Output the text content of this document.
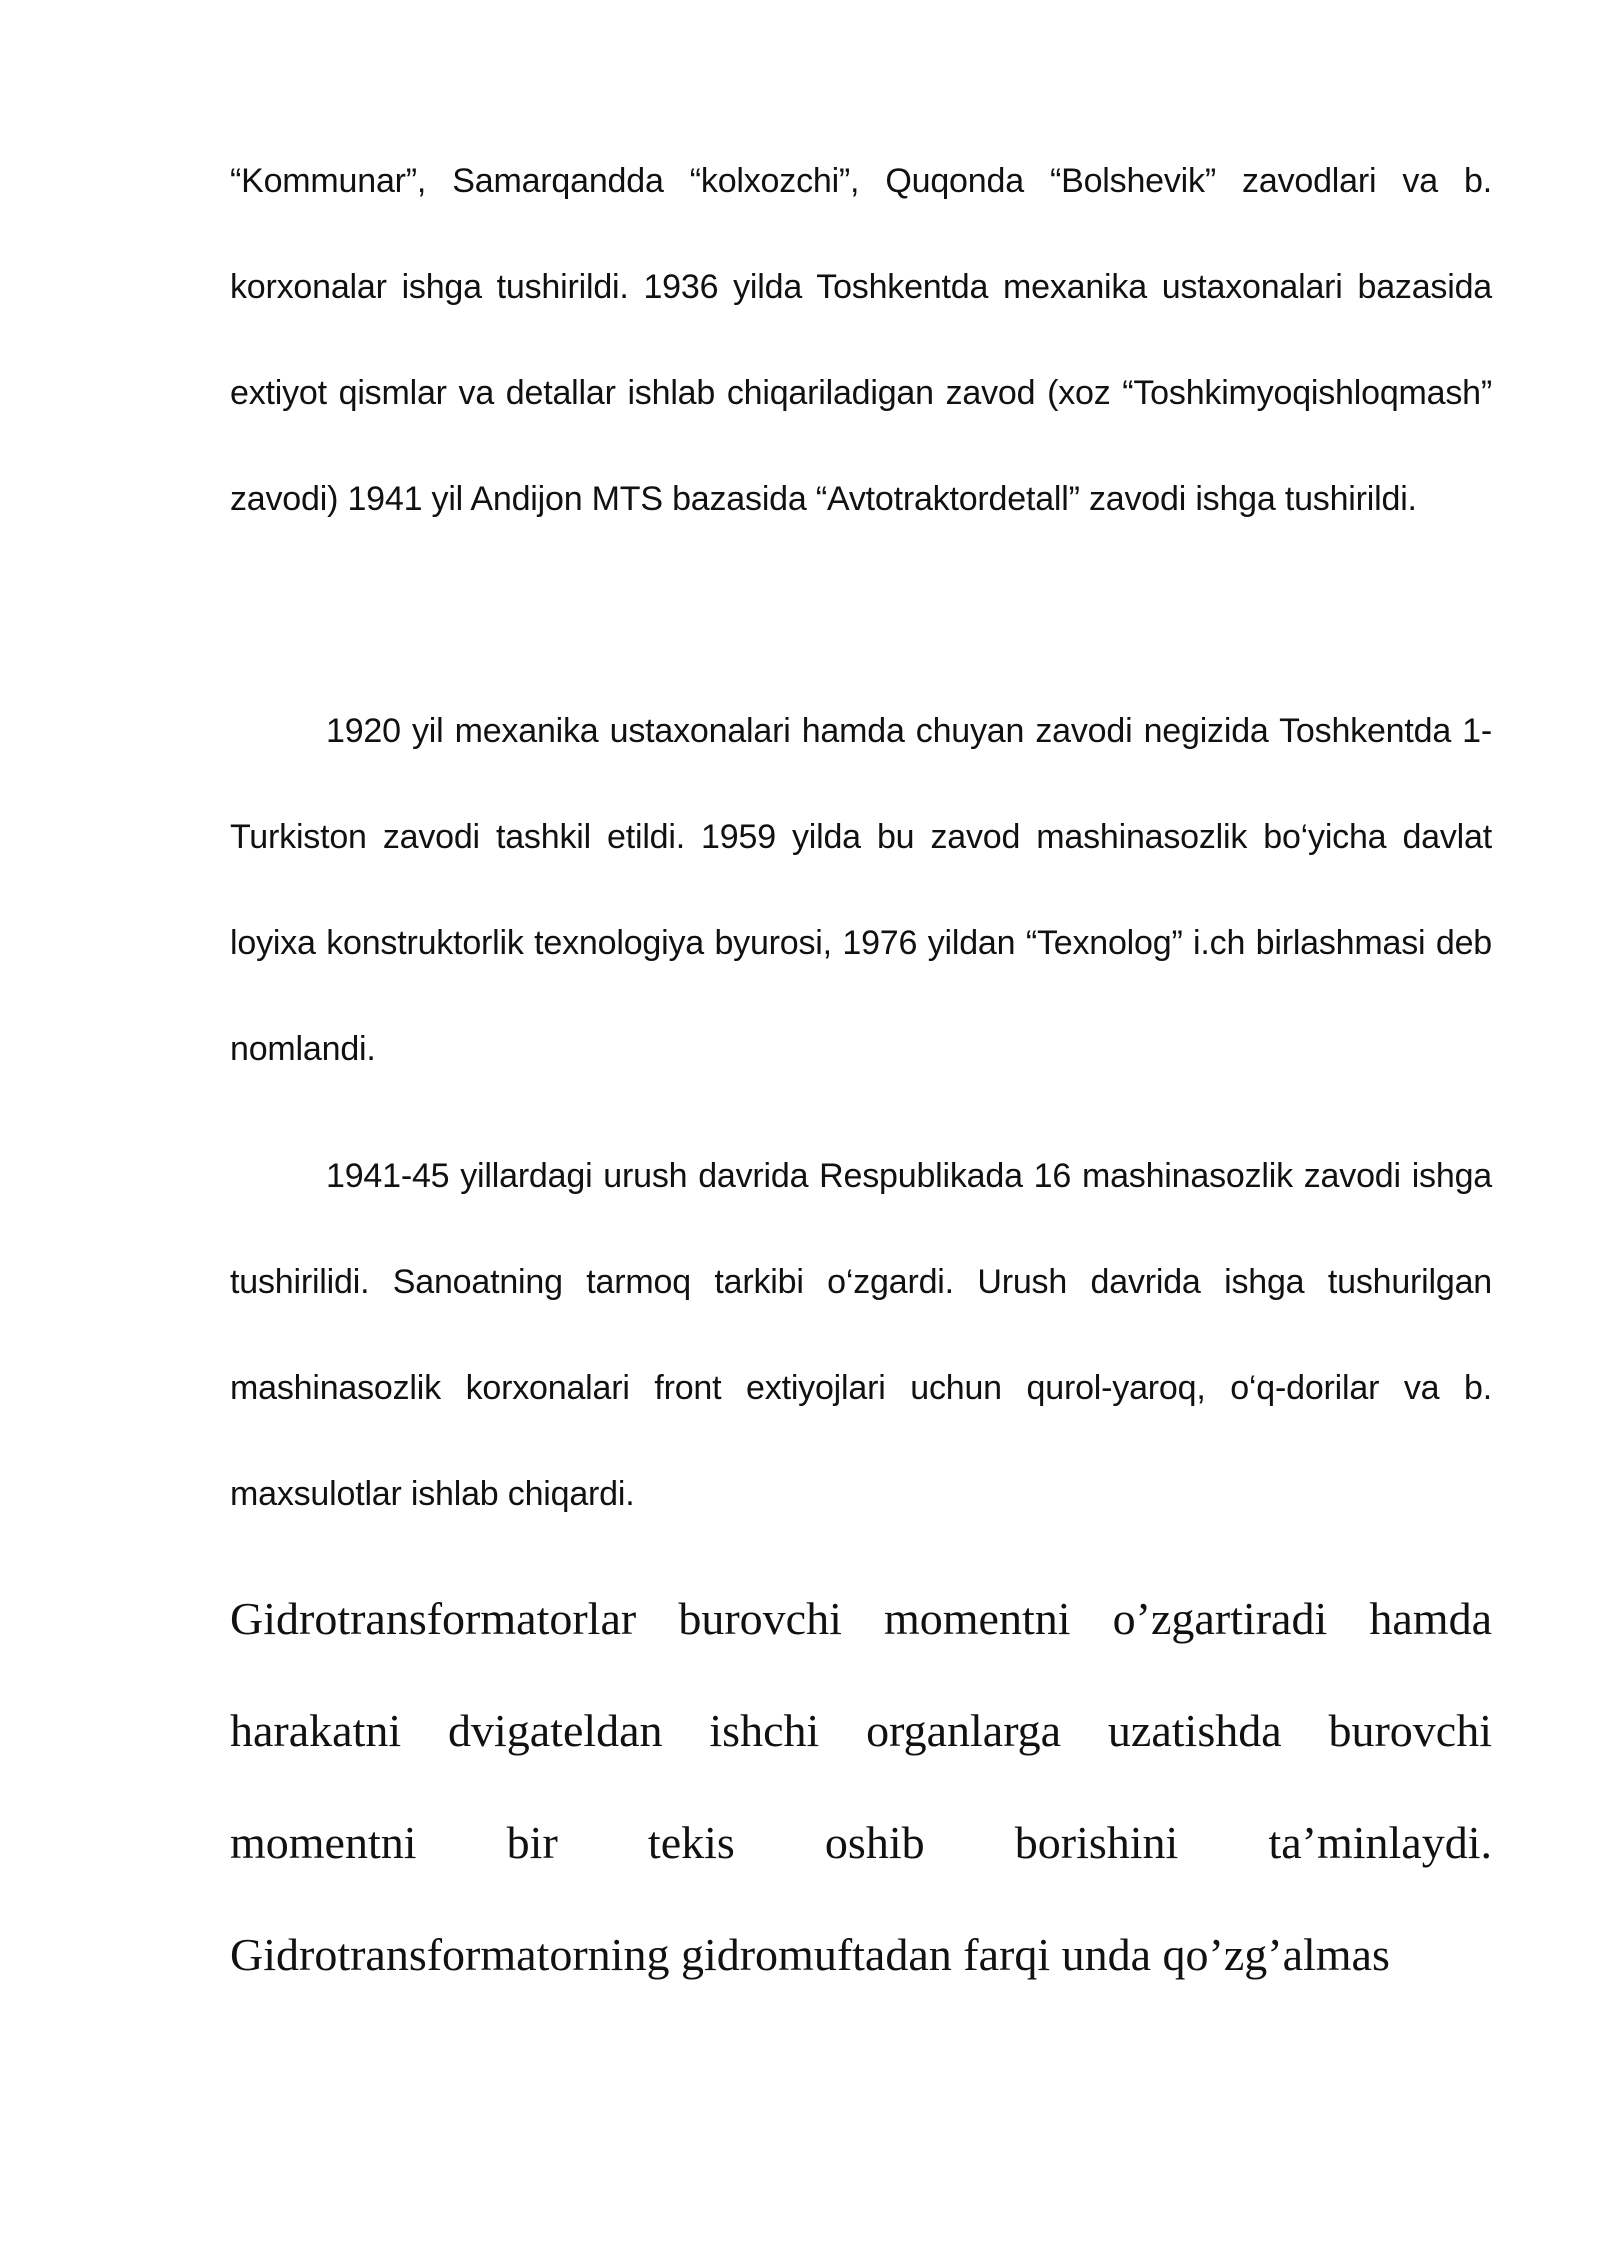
“Kommunar”, Samarqandda “kolxozchi”, Quqonda “Bolshevik” zavodlari va b. korxonalar ishga tushirildi. 1936 yilda Toshkentda mexanika ustaxonalari bazasida extiyot qismlar va detallar ishlab chiqariladigan zavod (xoz “Toshkimyoqishloqmash” zavodi) 1941 yil Andijon MTS bazasida “Avtotraktordetall” zavodi ishga tushirildi.

1920 yil mexanika ustaxonalari hamda chuyan zavodi negizida Toshkentda 1-Turkiston zavodi tashkil etildi. 1959 yilda bu zavod mashinasozlik bo‘yicha davlat loyixa konstruktorlik texnologiya byurosi, 1976 yildan “Texnolog” i.ch birlashmasi deb nomlandi.

1941-45 yillardagi urush davrida Respublikada 16 mashinasozlik zavodi ishga tushirilidi. Sanoatning tarmoq tarkibi o‘zgardi. Urush davrida ishga tushurilgan mashinasozlik korxonalari front extiyojlari uchun qurol-yaroq, o‘q-dorilar va b. maxsulotlar ishlab chiqardi.

Gidrotransformatorlar burovchi momentni o’zgartiradi hamda harakatni dvigateldan ishchi organlarga uzatishda burovchi momentni bir tekis oshib borishini ta’minlaydi. Gidrotransformatorning gidromuftadan farqi unda qo’zg’almas
